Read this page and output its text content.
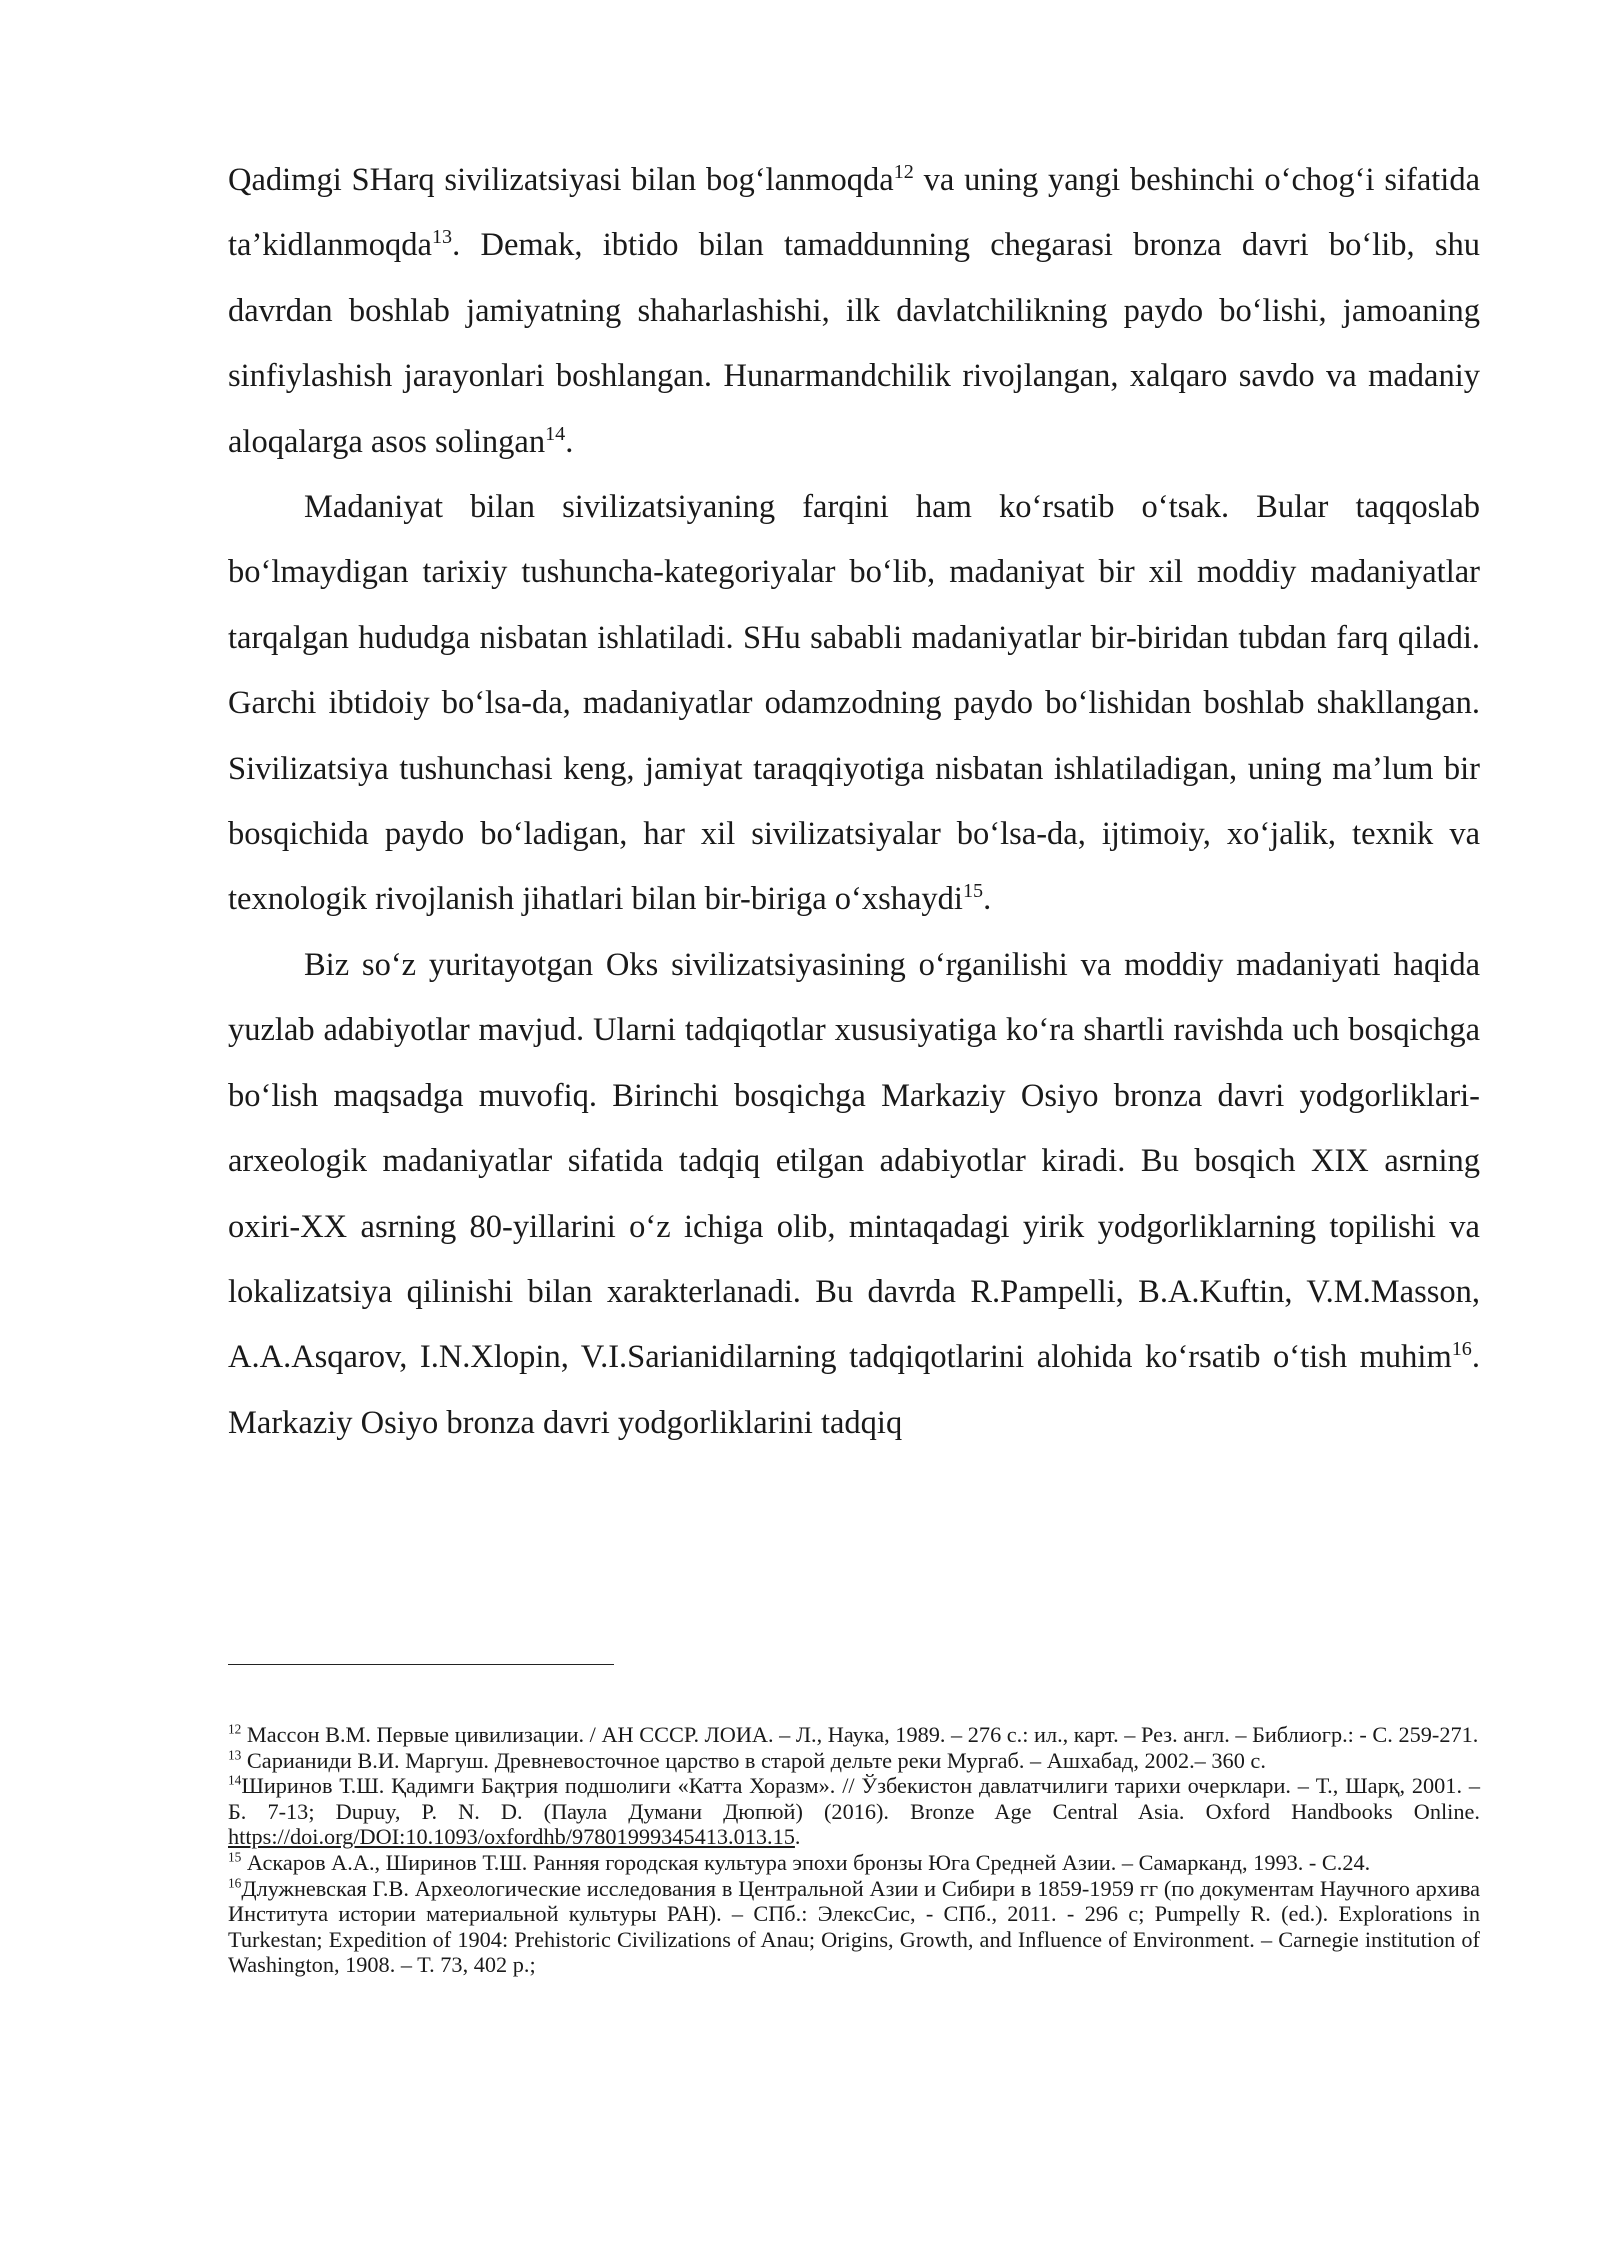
Qadimgi SHarq sivilizatsiyasi bilan bog‘lanmoqda$^{12}$ va uning yangi beshinchi o‘chog‘i sifatida ta’kidlanmoqda$^{13}$. Demak, ibtido bilan tamaddunning chegarasi bronza davri bo‘lib, shu davrdan boshlab jamiyatning shaharlashishi, ilk davlatchilikning paydo bo‘lishi, jamoaning sinfiylashish jarayonlari boshlangan. Hunarmandchilik rivojlangan, xalqaro savdo va madaniy aloqalarga asos solingan$^{14}$.

Madaniyat bilan sivilizatsiyaning farqini ham ko‘rsatib o‘tsak. Bular taqqoslab bo‘lmaydigan tarixiy tushuncha-kategoriyalar bo‘lib, madaniyat bir xil moddiy madaniyatlar tarqalgan hududga nisbatan ishlatiladi. SHu sababli madaniyatlar bir-biridan tubdan farq qiladi. Garchi ibtidoiy bo‘lsa-da, madaniyatlar odamzodning paydo bo‘lishidan boshlab shakllangan. Sivilizatsiya tushunchasi keng, jamiyat taraqqiyotiga nisbatan ishlatiladigan, uning ma’lum bir bosqichida paydo bo‘ladigan, har xil sivilizatsiyalar bo‘lsa-da, ijtimoiy, xo‘jalik, texnik va texnologik rivojlanish jihatlari bilan bir-biriga o‘xshaydi$^{15}$.

Biz so‘z yuritayotgan Oks sivilizatsiyasining o‘rganilishi va moddiy madaniyati haqida yuzlab adabiyotlar mavjud. Ularni tadqiqotlar xususiyatiga ko‘ra shartli ravishda uch bosqichga bo‘lish maqsadga muvofiq. Birinchi bosqichga Markaziy Osiyo bronza davri yodgorliklari-arxeologik madaniyatlar sifatida tadqiq etilgan adabiyotlar kiradi. Bu bosqich XIX asrning oxiri-XX asrning 80-yillarini o‘z ichiga olib, mintaqadagi yirik yodgorliklarning topilishi va lokalizatsiya qilinishi bilan xarakterlanadi. Bu davrda R.Pampelli, B.A.Kuftin, V.M.Masson, A.A.Asqarov, I.N.Xlopin, V.I.Sarianidilarning tadqiqotlarini alohida ko‘rsatib o‘tish muhim$^{16}$. Markaziy Osiyo bronza davri yodgorliklarini tadqiq

$^{12}$ Массон В.М. Первые цивилизации. / АН СССР. ЛОИА. – Л., Наука, 1989. – 276 с.: ил., карт. – Рез. англ. – Библиогр.: - С. 259-271.

$^{13}$ Сарианиди В.И. Маргуш. Древневосточное царство в старой дельте реки Мургаб. – Ашхабад, 2002.– 360 с.

$^{14}$Ширинов Т.Ш. Қадимги Бақтрия подшолиги «Катта Хоразм». // Ўзбекистон давлатчилиги тарихи очерклари. – Т., Шарқ, 2001. – Б. 7-13; Dupuy, P. N. D. (Паула Думани Дюпюй) (2016). Bronze Age Central Asia. Oxford Handbooks Online. https://doi.org/DOI:10.1093/oxfordhb/97801999345413.013.15.

$^{15}$ Аскаров А.А., Ширинов Т.Ш. Ранняя городская культура эпохи бронзы Юга Средней Азии. – Самарканд, 1993. - С.24.

$^{16}$Длужневская Г.В. Археологические исследования в Центральной Азии и Сибири в 1859-1959 гг (по документам Научного архива Института истории материальной культуры РАН). – СПб.: ЭлексСис, - СПб., 2011. - 296 с; Pumpelly R. (ed.). Explorations in Turkestan; Expedition of 1904: Prehistoric Civilizations of Anau; Origins, Growth, and Influence of Environment. – Carnegie institution of Washington, 1908. – T. 73, 402 p.;
